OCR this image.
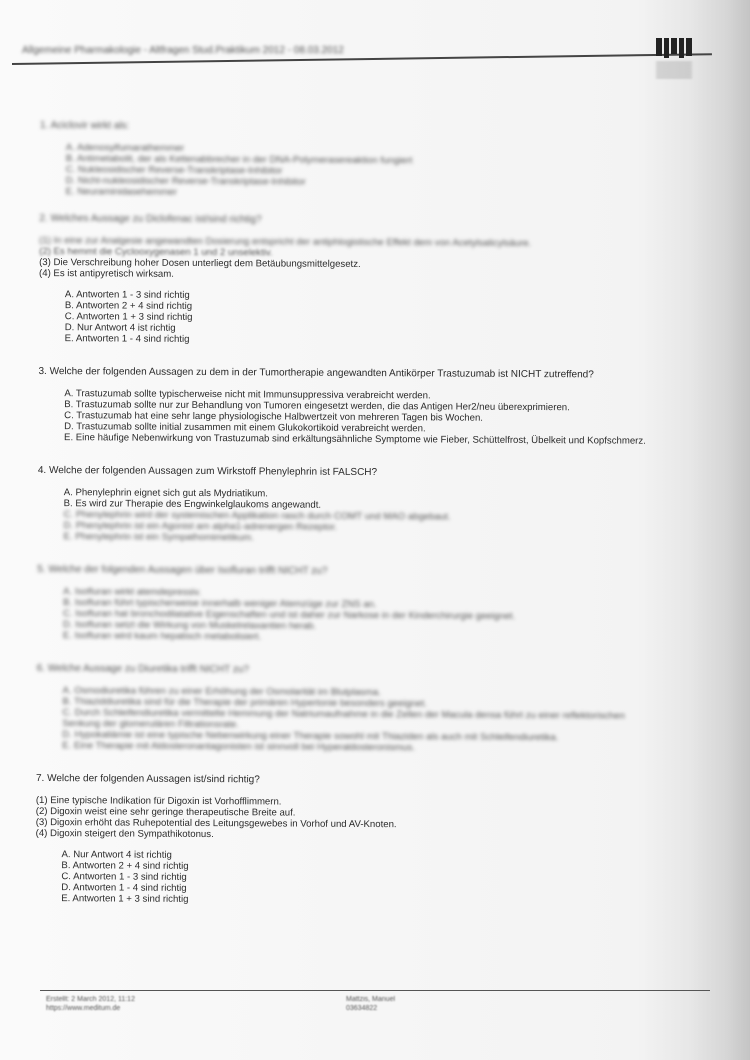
Allgemeine Pharmakologie - Altfragen Stud.Praktikum 2012 - 08.03.2012
1. Aciclovir wirkt als:
A. Adenosylfumarathemmer
B. Antimetabolit, der als Kettenabbrecher in der DNA-Polymerasereaktion fungiert
C. Nukleosidischer Reverse-Transkriptase-Inhibitor
D. Nicht-nukleosidischer Reverse-Transkriptase-Inhibitor
E. Neuraminidasehemmer
2. Welches Aussage zu Diclofenac ist/sind richtig?
(1) In eine zur Analgesie angewandten Dosierung entspricht der antiphlogistische Effekt dem von Acetylsalicylsäure.
(2) Es hemmt die Cyclooxygenasen 1 und 2 unselektiv.
(3) Die Verschreibung hoher Dosen unterliegt dem Betäubungsmittelgesetz.
(4) Es ist antipyretisch wirksam.
A. Antworten 1 - 3 sind richtig
B. Antworten 2 + 4 sind richtig
C. Antworten 1 + 3 sind richtig
D. Nur Antwort 4 ist richtig
E. Antworten 1 - 4 sind richtig
3. Welche der folgenden Aussagen zu dem in der Tumortherapie angewandten Antikörper Trastuzumab ist NICHT zutreffend?
A. Trastuzumab sollte typischerweise nicht mit Immunsuppressiva verabreicht werden.
B. Trastuzumab sollte nur zur Behandlung von Tumoren eingesetzt werden, die das Antigen Her2/neu überexprimieren.
C. Trastuzumab hat eine sehr lange physiologische Halbwertzeit von mehreren Tagen bis Wochen.
D. Trastuzumab sollte initial zusammen mit einem Glukokortikoid verabreicht werden.
E. Eine häufige Nebenwirkung von Trastuzumab sind erkältungsähnliche Symptome wie Fieber, Schüttelfrost, Übelkeit und Kopfschmerz.
4. Welche der folgenden Aussagen zum Wirkstoff Phenylephrin ist FALSCH?
A. Phenylephrin eignet sich gut als Mydriatikum.
B. Es wird zur Therapie des Engwinkelglaukoms angewandt.
C. Phenylephrin wird der systemischen Applikation rasch durch COMT und MAO abgebaut.
D. Phenylephrin ist ein Agonist am alpha1-adrenergen Rezeptor.
E. Phenylephrin ist ein Sympathomimetikum.
5. Welche der folgenden Aussagen über Isofluran trifft NICHT zu?
A. Isofluran wirkt atemdepressiv.
B. Isofluran führt typischerweise innerhalb weniger Atemzüge zur ZNS an.
C. Isofluran hat bronchodilatative Eigenschaften und ist daher zur Narkose in der Kinderchirurgie geeignet.
D. Isofluran setzt die Wirkung von Muskelrelaxantien herab.
E. Isofluran wird kaum hepatisch metabolisiert.
6. Welche Aussage zu Diuretika trifft NICHT zu?
A. Osmodiuretika führen zu einer Erhöhung der Osmolarität im Blutplasma.
B. Thiaziddiuretika sind für die Therapie der primären Hypertonie besonders geeignet.
C. Durch Schleifendiuretika vermittelte Hemmung der Natriumaufnahme in die Zellen der Macula densa führt zu einer reflektorischen Senkung der glomerulären Filtrationsrate.
D. Hypokaliämie ist eine typische Nebenwirkung einer Therapie sowohl mit Thiaziden als auch mit Schleifendiuretika.
E. Eine Therapie mit Aldosteronantagonisten ist sinnvoll bei Hyperaldosteronismus.
7. Welche der folgenden Aussagen ist/sind richtig?
(1) Eine typische Indikation für Digoxin ist Vorhofflimmern.
(2) Digoxin weist eine sehr geringe therapeutische Breite auf.
(3) Digoxin erhöht das Ruhepotential des Leitungsgewebes in Vorhof und AV-Knoten.
(4) Digoxin steigert den Sympathikotonus.
A. Nur Antwort 4 ist richtig
B. Antworten 2 + 4 sind richtig
C. Antworten 1 - 3 sind richtig
D. Antworten 1 - 4 sind richtig
E. Antworten 1 + 3 sind richtig
Erstellt: 2 March 2012, 11:12
https://www.meditum.de
Mattzis, Manuel
03634822
